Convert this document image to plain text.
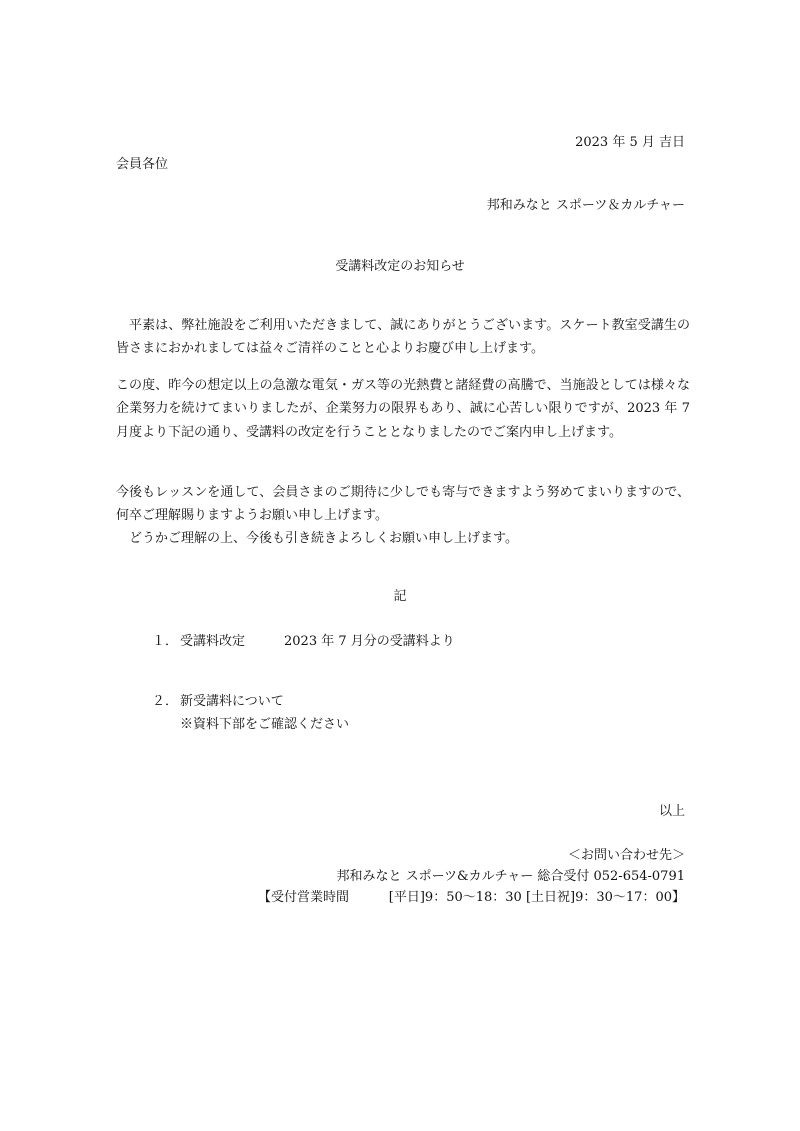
2023 年 5 月 吉日
会員各位
邦和みなと スポーツ＆カルチャー
受講料改定のお知らせ
平素は、弊社施設をご利用いただきまして、誠にありがとうございます。スケート教室受講生の皆さまにおかれましては益々ご清祥のことと心よりお慶び申し上げます。
この度、昨今の想定以上の急激な電気・ガス等の光熱費と諸経費の高騰で、当施設としては様々な企業努力を続けてまいりましたが、企業努力の限界もあり、誠に心苦しい限りですが、2023 年 7 月度より下記の通り、受講料の改定を行うこととなりましたのでご案内申し上げます。
今後もレッスンを通して、会員さまのご期待に少しでも寄与できますよう努めてまいりますので、何卒ご理解賜りますようお願い申し上げます。
どうかご理解の上、今後も引き続きよろしくお願い申し上げます。
記
１． 受講料改定	2023 年 7 月分の受講料より
２． 新受講料について
※資料下部をご確認ください
以上
＜お問い合わせ先＞
邦和みなと スポーツ&カルチャー 総合受付 052-654-0791
【受付営業時間	[平日]9：50～18：30 [土日祝]9：30～17：00】
